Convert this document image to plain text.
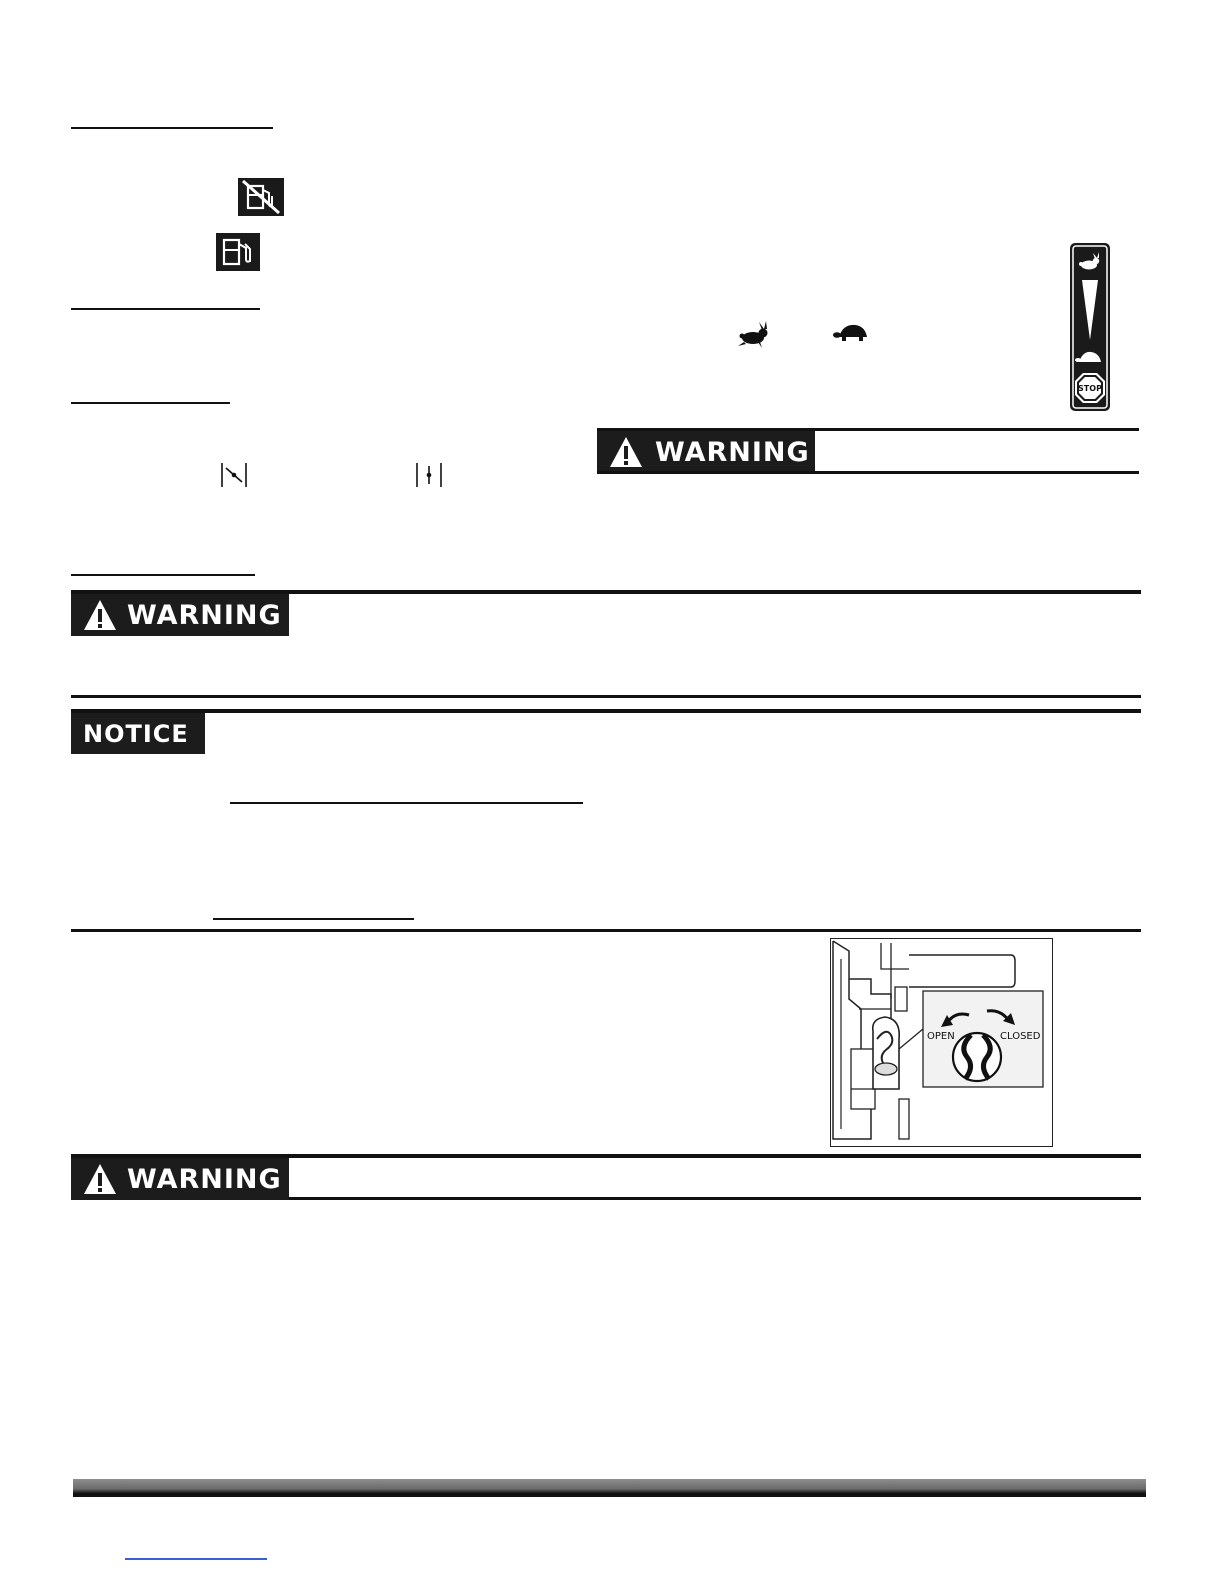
STOP
WARNING
WARNING
NOTICE
OPEN	CLOSED
WARNING
